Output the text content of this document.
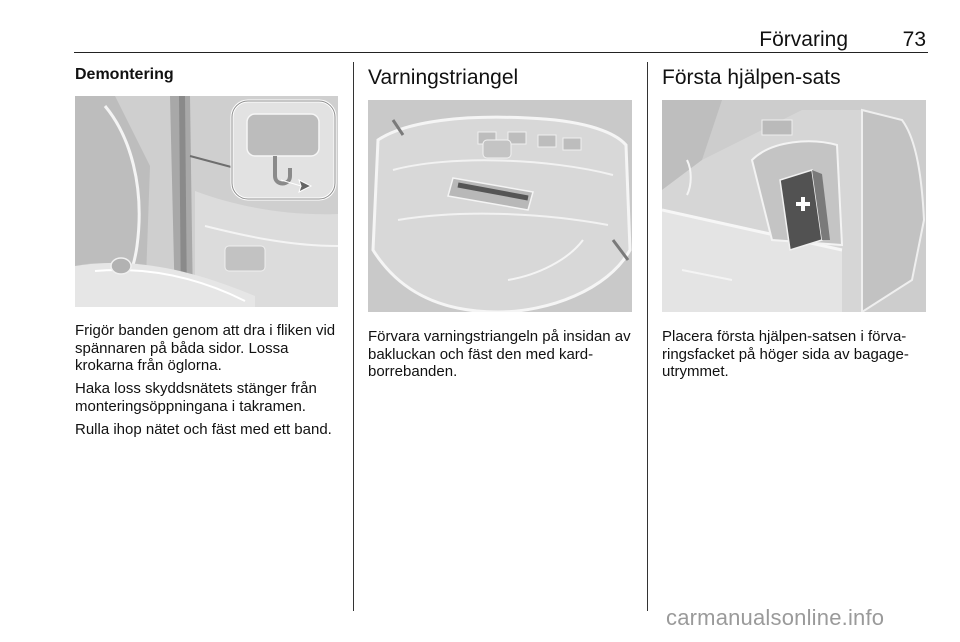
Förvaring	73
Demontering

Frigör banden genom att dra i fliken vid spännaren på båda sidor. Lossa krokarna från öglorna.

Haka loss skyddsnätets stänger från monteringsöppningana i takramen.

Rulla ihop nätet och fäst med ett band.

Varningstriangel

Förvara varningstriangeln på insidan av bakluckan och fäst den med kard-borrebanden.

Första hjälpen-sats

Placera första hjälpen-satsen i förva-ringsfacket på höger sida av bagage-utrymmet.

carmanualsonline.info
